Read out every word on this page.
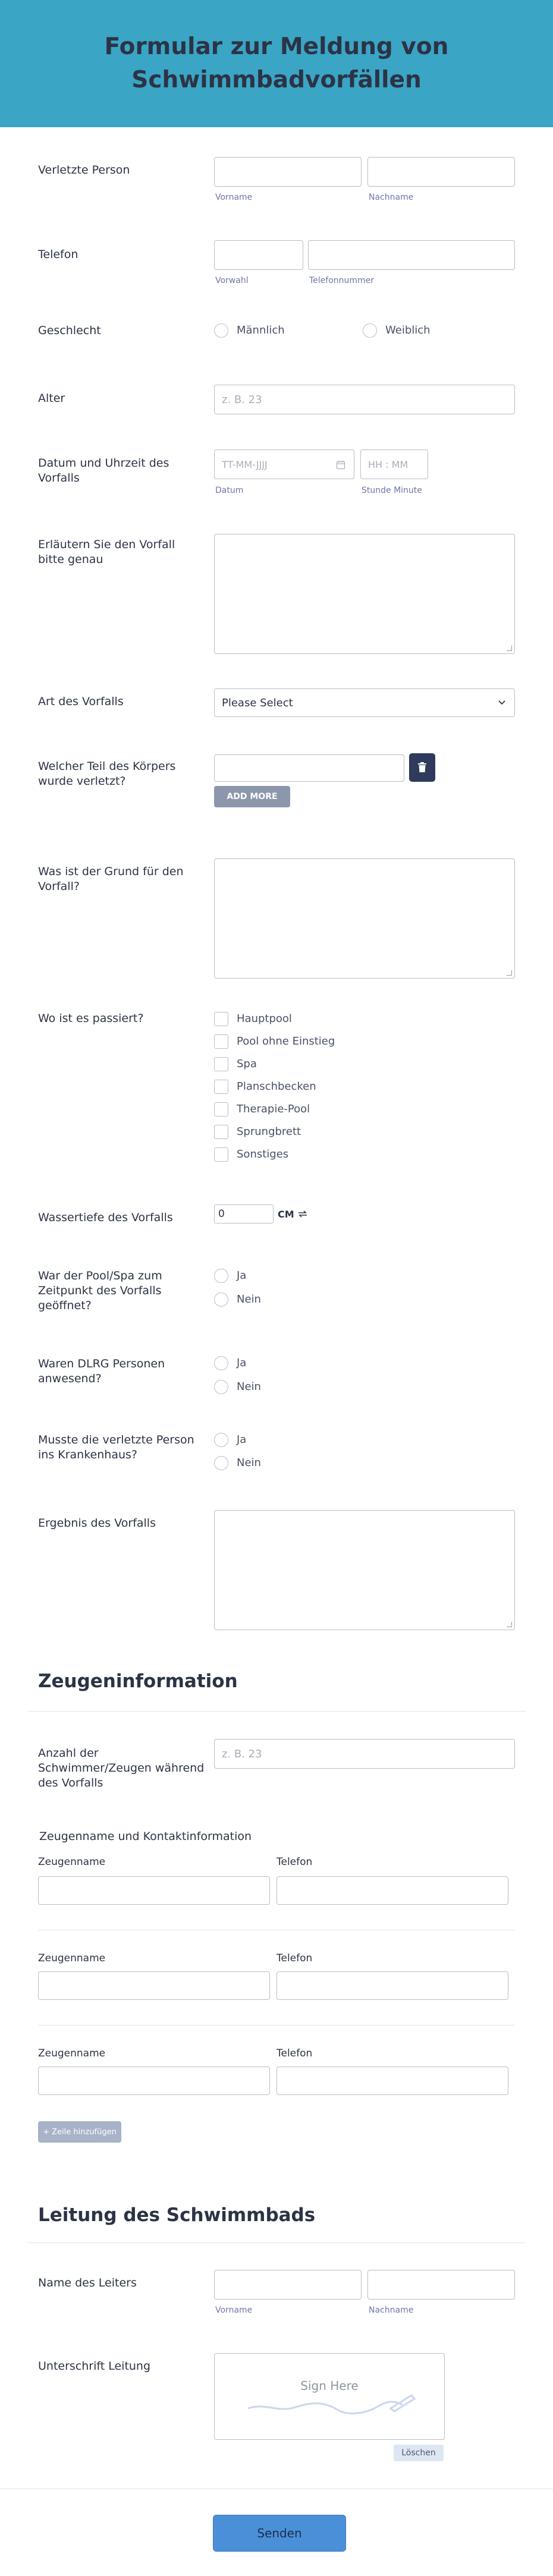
Formular zur Meldung von Schwimmbadvorfällen
Verletzte Person
Vorname	Nachname
Telefon
Vorwahl	Telefonnummer
Geschlecht	Männlich	Weiblich
Alter	z. B. 23
Datum und Uhrzeit des Vorfalls
TT-MM-JJJJ	HH : MM
Datum	Stunde Minute
Erläutern Sie den Vorfall bitte genau
Art des Vorfalls	Please Select
Welcher Teil des Körpers wurde verletzt?
ADD MORE
Was ist der Grund für den Vorfall?
Wo ist es passiert?	Hauptpool
Pool ohne Einstieg
Spa
Planschbecken
Therapie-Pool
Sprungbrett
Sonstiges
Wassertiefe des Vorfalls	0	CM
War der Pool/Spa zum Zeitpunkt des Vorfalls geöffnet?
Ja
Nein
Waren DLRG Personen anwesend?
Ja
Nein
Musste die verletzte Person ins Krankenhaus?
Ja
Nein
Ergebnis des Vorfalls
Zeugeninformation
Anzahl der Schwimmer/Zeugen während des Vorfalls
z. B. 23
Zeugenname und Kontaktinformation
Zeugenname	Telefon
Zeugenname	Telefon
Zeugenname	Telefon
+ Zeile hinzufügen
Leitung des Schwimmbads
Name des Leiters
Vorname	Nachname
Unterschrift Leitung
Sign Here
Löschen
Senden
